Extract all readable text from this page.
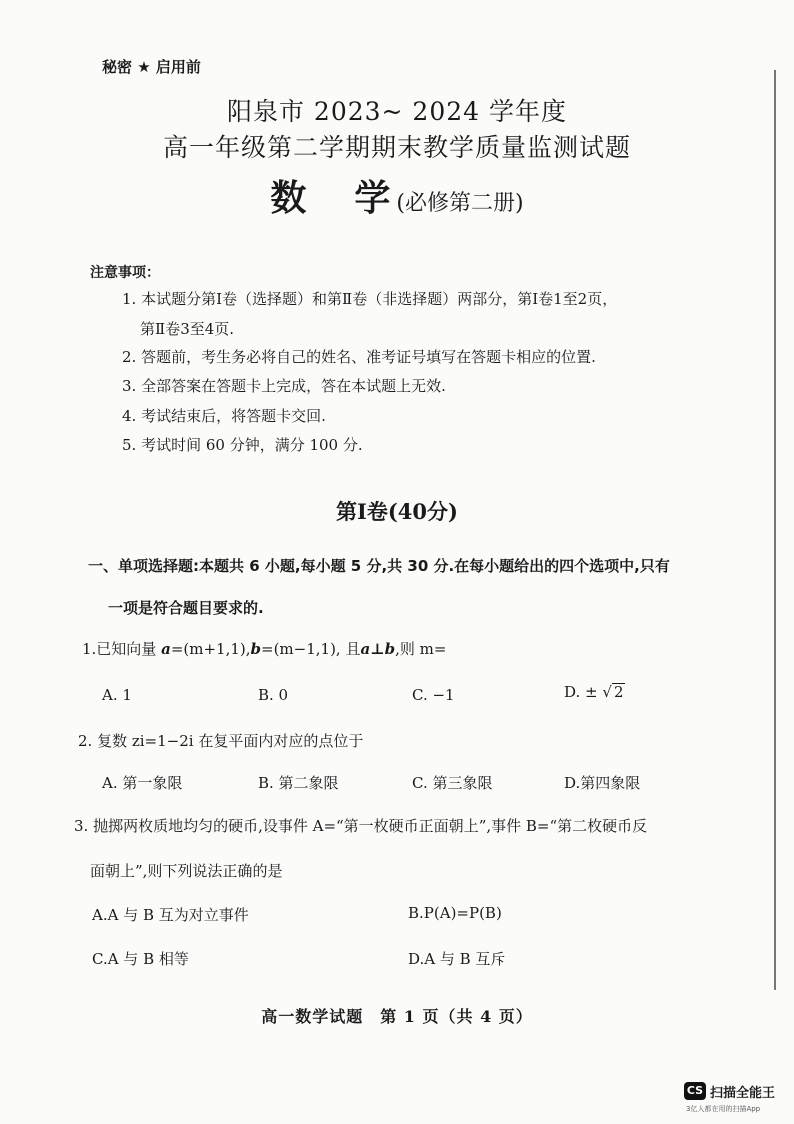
秘密 ★ 启用前
阳泉市 2023~ 2024 学年度
高一年级第二学期期末教学质量监测试题
数　学(必修第二册)
注意事项：
1. 本试题分第Ⅰ卷（选择题）和第Ⅱ卷（非选择题）两部分，第Ⅰ卷1至2页，
第Ⅱ卷3至4页.
2. 答题前，考生务必将自己的姓名、准考证号填写在答题卡相应的位置.
3. 全部答案在答题卡上完成，答在本试题上无效.
4. 考试结束后，将答题卡交回.
5. 考试时间 60 分钟，满分 100 分.
第Ⅰ卷(40分)
一、单项选择题:本题共 6 小题,每小题 5 分,共 30 分.在每小题给出的四个选项中,只有
一项是符合题目要求的.
1.已知向量 a=(m+1,1),b=(m−1,1), 且a⊥b,则 m=
A. 1	B. 0	C. −1	D. ± √ 2
2. 复数 zi=1−2i 在复平面内对应的点位于
A. 第一象限	B. 第二象限	C. 第三象限	D.第四象限
3. 抛掷两枚质地均匀的硬币,设事件 A=“第一枚硬币正面朝上”,事件 B=“第二枚硬币反
面朝上”,则下列说法正确的是
A.A 与 B 互为对立事件	B.P(A)=P(B)
C.A 与 B 相等	D.A 与 B 互斥
高一数学试题　第 1 页（共 4 页）
CS 扫描全能王
3亿人都在用的扫描App
